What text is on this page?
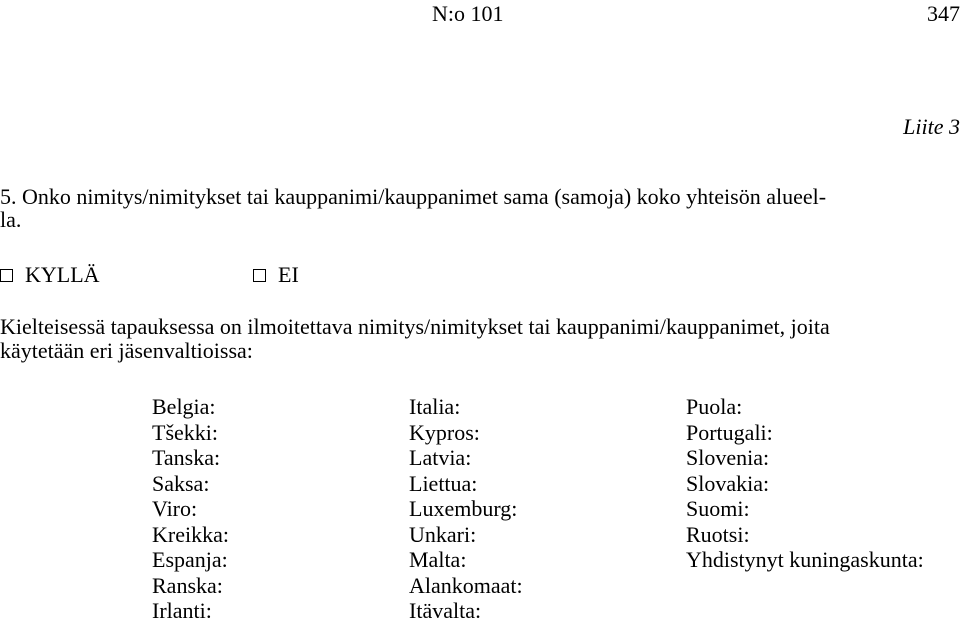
N:o 101	347
Liite 3
5. Onko nimitys/nimitykset tai kauppanimi/kauppanimet sama (samoja) koko yhteisön alueel-
la.
KYLLÄ	EI
Kielteisessä tapauksessa on ilmoitettava nimitys/nimitykset tai kauppanimi/kauppanimet, joita
käytetään eri jäsenvaltioissa:
Belgia:
Tšekki:
Tanska:
Saksa:
Viro:
Kreikka:
Espanja:
Ranska:
Irlanti:
Italia:
Kypros:
Latvia:
Liettua:
Luxemburg:
Unkari:
Malta:
Alankomaat:
Itävalta:
Puola:
Portugali:
Slovenia:
Slovakia:
Suomi:
Ruotsi:
Yhdistynyt kuningaskunta:
